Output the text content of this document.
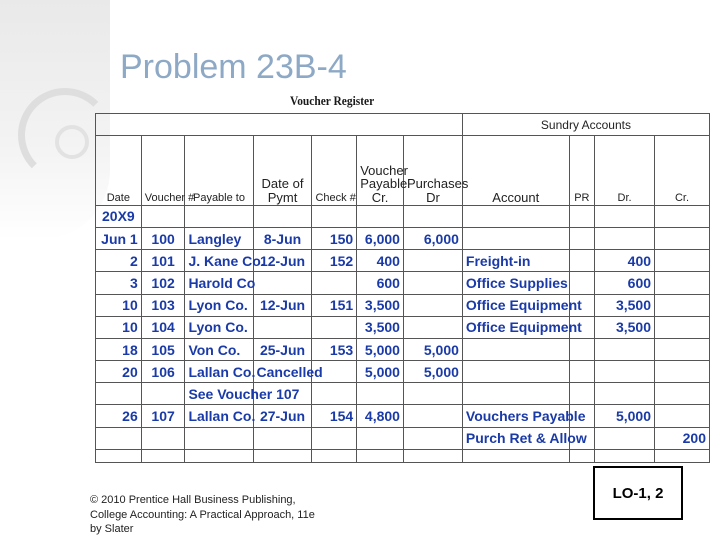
Problem 23B-4

Voucher Register

							Sundry Accounts			
Date	Voucher #	Payable to	Date of Pymt	Check #	Voucher Payable Cr.	Purchases Dr	Account	PR	Dr.	Cr.
20X9										
Jun 1	100	Langley	8-Jun	150	6,000	6,000				
2	101	J. Kane Co.	12-Jun	152	400		Freight-in		400	
3	102	Harold Co			600		Office Supplies		600	
10	103	Lyon Co.	12-Jun	151	3,500		Office Equipment		3,500	
10	104	Lyon Co.			3,500		Office Equipment		3,500	
18	105	Von Co.	25-Jun	153	5,000	5,000				
20	106	Lallan Co.	Cancelled		5,000	5,000				
		See Voucher 107								
26	107	Lallan Co.	27-Jun	154	4,800		Vouchers Payable		5,000	
							Purch Ret & Allow			200

© 2010 Prentice Hall Business Publishing, College Accounting: A Practical Approach, 11e by Slater

LO-1, 2
